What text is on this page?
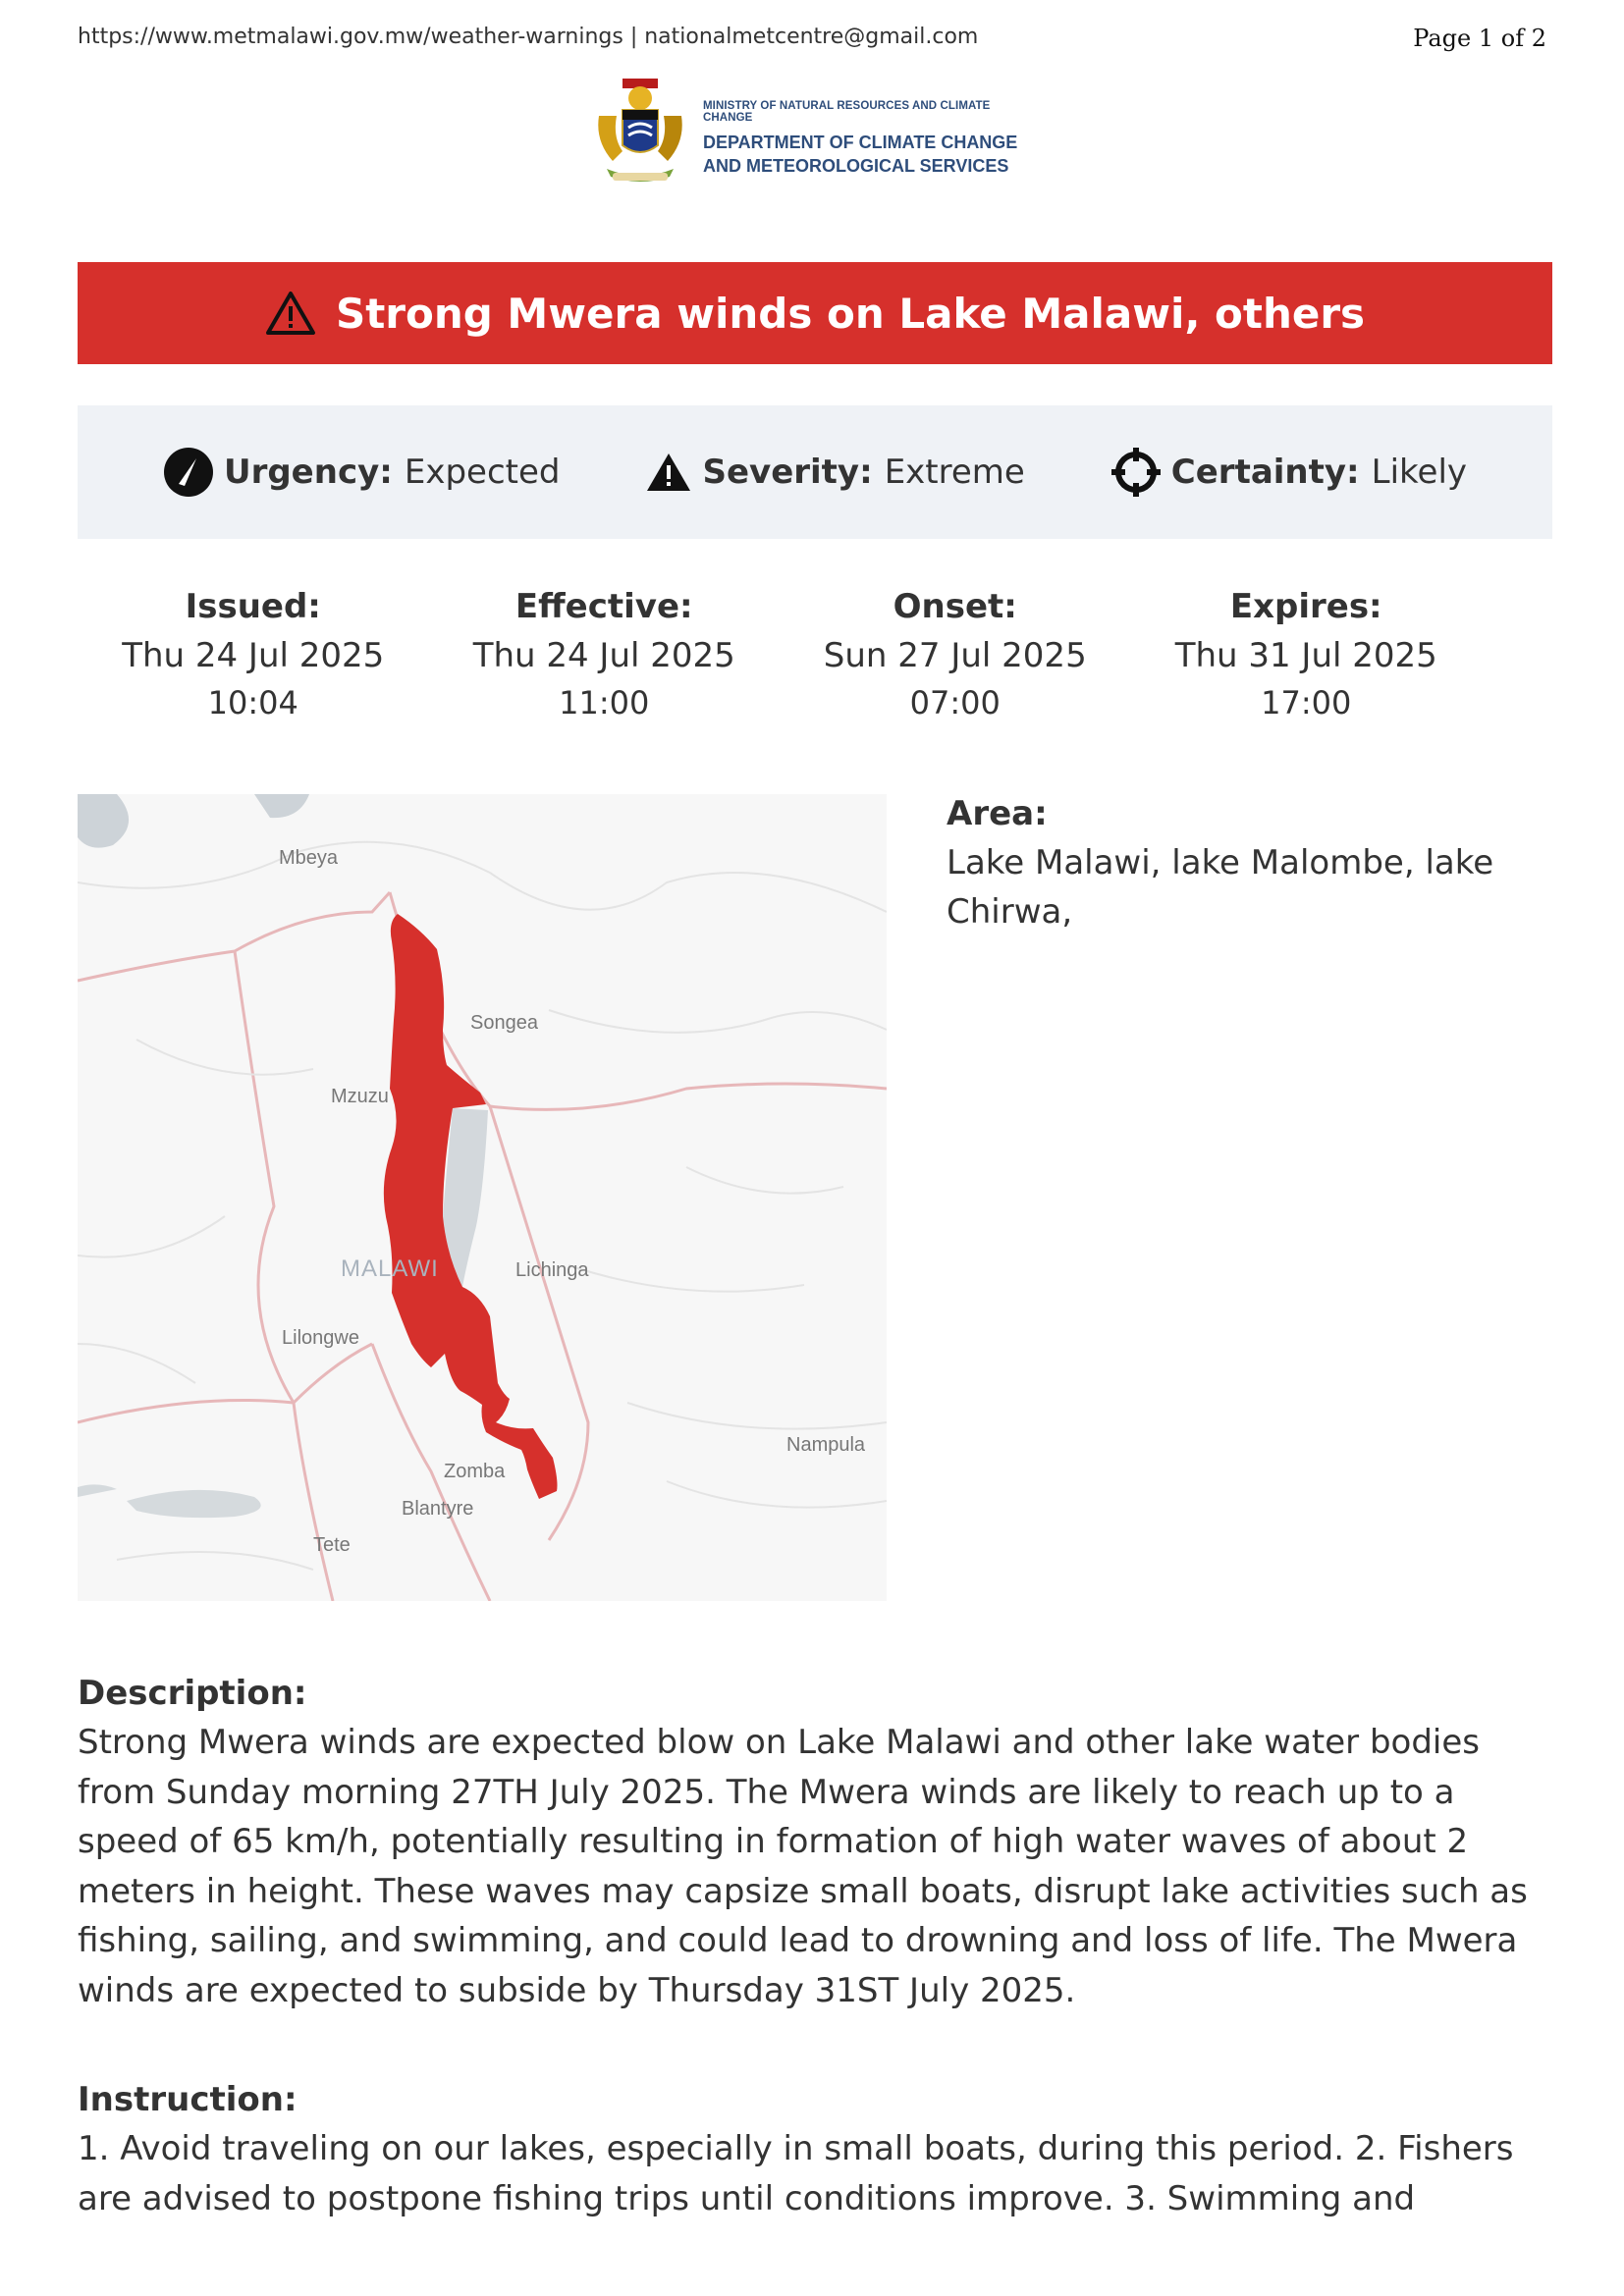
https://www.metmalawi.gov.mw/weather-warnings | nationalmetcentre@gmail.com	Page 1 of 2
MINISTRY OF NATURAL RESOURCES AND CLIMATE CHANGE
DEPARTMENT OF CLIMATE CHANGE
AND METEOROLOGICAL SERVICES
Strong Mwera winds on Lake Malawi, others
Urgency: Expected	Severity: Extreme	Certainty: Likely
Issued:
Thu 24 Jul 2025
10:04
Effective:
Thu 24 Jul 2025
11:00
Onset:
Sun 27 Jul 2025
07:00
Expires:
Thu 31 Jul 2025
17:00
Mbeya
Songea
Mzuzu
MALAWI	Lichinga
Lilongwe
Nampula
Zomba
Blantyre
Tete
Area:
Lake Malawi, lake Malombe, lake Chirwa,
Description:
Strong Mwera winds are expected blow on Lake Malawi and other lake water bodies from Sunday morning 27TH July 2025. The Mwera winds are likely to reach up to a speed of 65 km/h, potentially resulting in formation of high water waves of about 2 meters in height. These waves may capsize small boats, disrupt lake activities such as fishing, sailing, and swimming, and could lead to drowning and loss of life. The Mwera winds are expected to subside by Thursday 31ST July 2025.
Instruction:
1. Avoid traveling on our lakes, especially in small boats, during this period. 2. Fishers are advised to postpone fishing trips until conditions improve. 3. Swimming and
